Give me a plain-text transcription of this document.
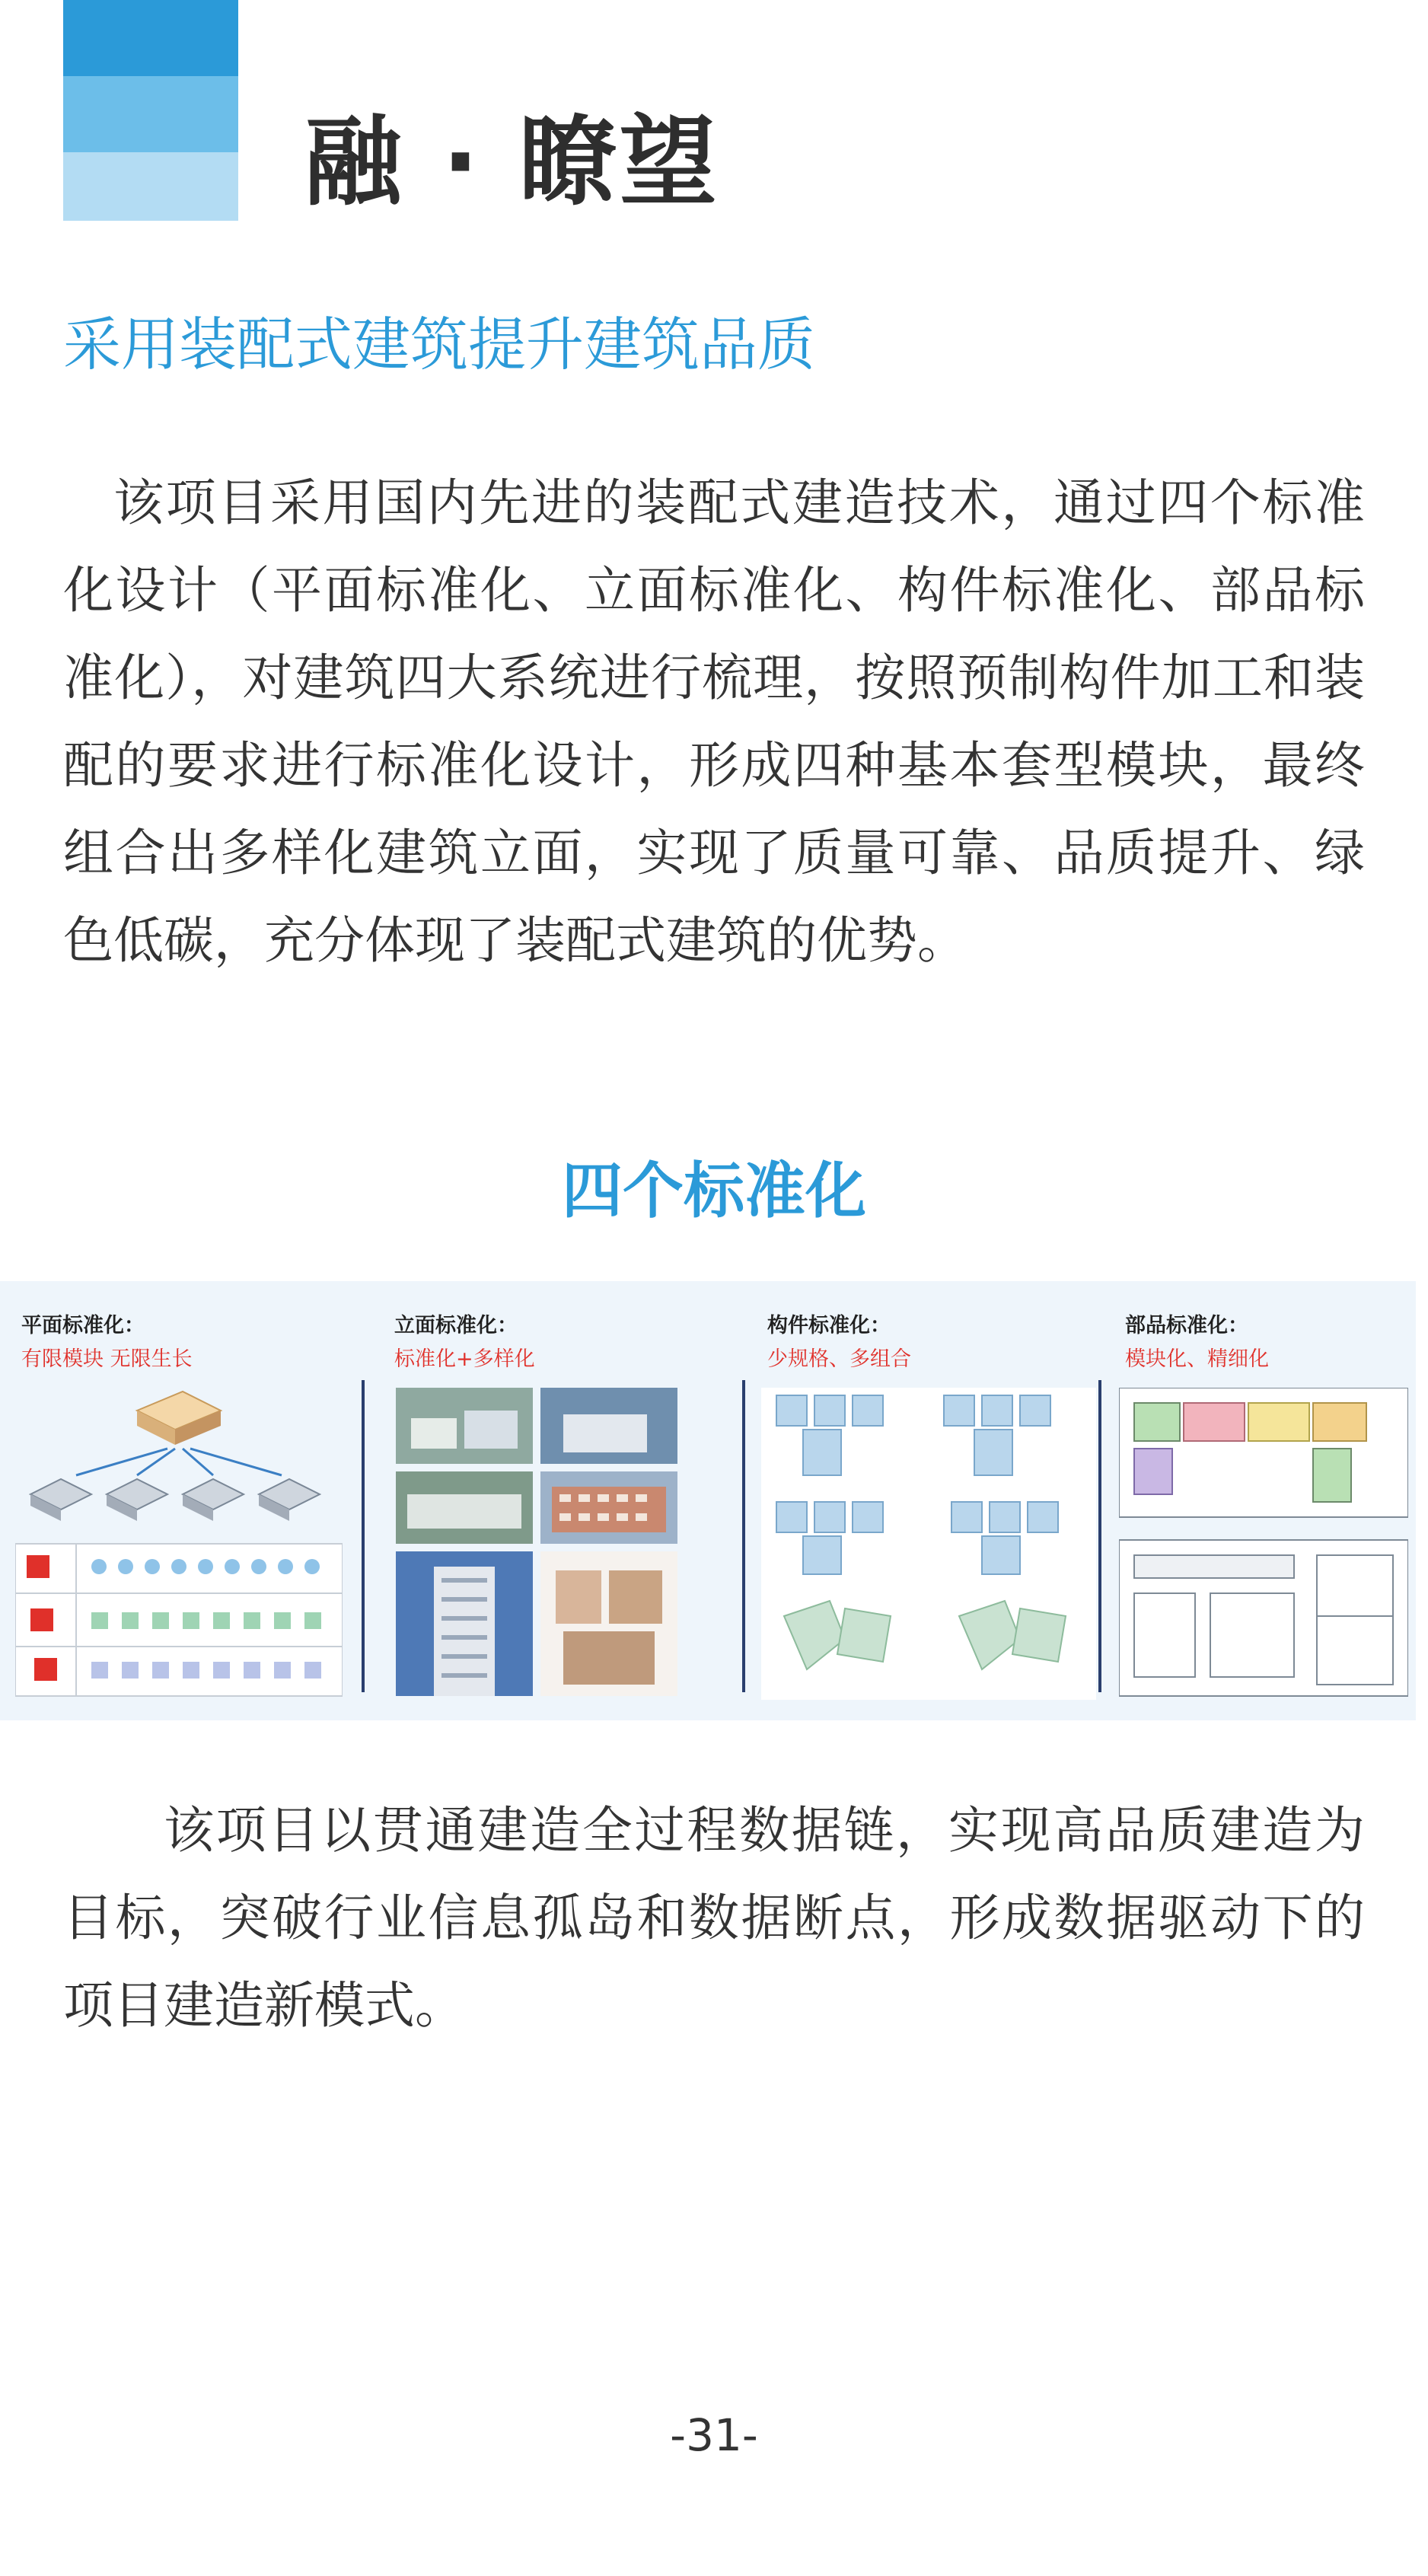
融 · 瞭望
采用装配式建筑提升建筑品质

该项目采用国内先进的装配式建造技术，通过四个标准化设计（平面标准化、立面标准化、构件标准化、部品标准化），对建筑四大系统进行梳理，按照预制构件加工和装配的要求进行标准化设计，形成四种基本套型模块，最终组合出多样化建筑立面，实现了质量可靠、品质提升、绿色低碳，充分体现了装配式建筑的优势。

四个标准化
平面标准化：
有限模块 无限生长
立面标准化：
标准化+多样化
构件标准化：
少规格、多组合
部品标准化：
模块化、精细化

该项目以贯通建造全过程数据链，实现高品质建造为目标，突破行业信息孤岛和数据断点，形成数据驱动下的项目建造新模式。

-31-
